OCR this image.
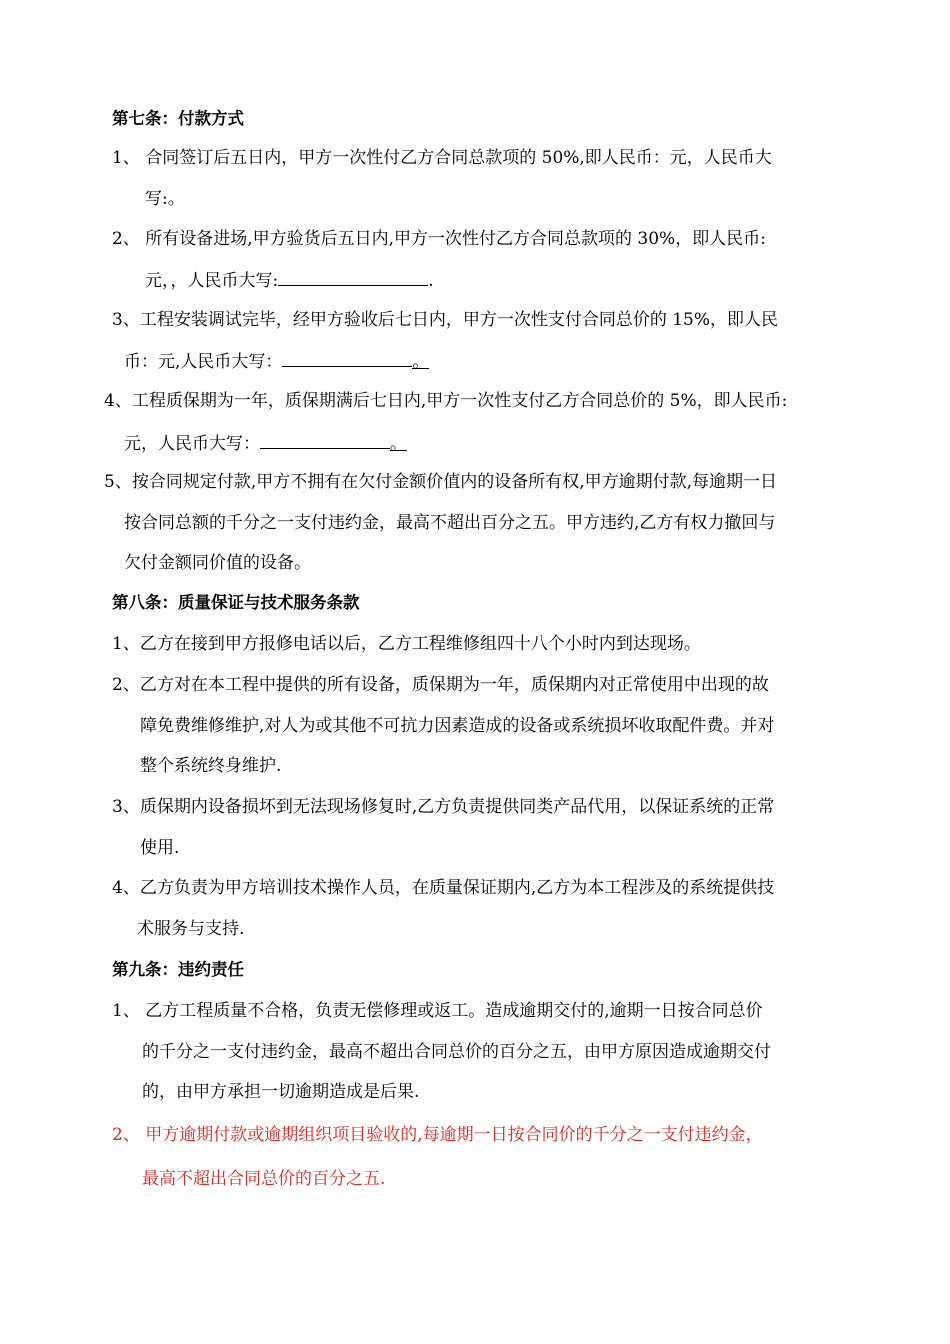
第七条：付款方式
1、 合同签订后五日内，甲方一次性付乙方合同总款项的 50%,即人民币：元，人民币大
写:。
2、 所有设备进场,甲方验货后五日内,甲方一次性付乙方合同总款项的 30%，即人民币:
元，，人民币大写:	.
3、工程安装调试完毕，经甲方验收后七日内，甲方一次性支付合同总价的 15%，即人民
币：元,人民币大写：	。
4、工程质保期为一年，质保期满后七日内,甲方一次性支付乙方合同总价的 5%，即人民币:
元，人民币大写：	。
5、按合同规定付款,甲方不拥有在欠付金额价值内的设备所有权,甲方逾期付款,每逾期一日
按合同总额的千分之一支付违约金，最高不超出百分之五。甲方违约,乙方有权力撤回与
欠付金额同价值的设备。
第八条：质量保证与技术服务条款
1、乙方在接到甲方报修电话以后，乙方工程维修组四十八个小时内到达现场。
2、乙方对在本工程中提供的所有设备，质保期为一年，质保期内对正常使用中出现的故
障免费维修维护,对人为或其他不可抗力因素造成的设备或系统损坏收取配件费。并对
整个系统终身维护.
3、质保期内设备损坏到无法现场修复时,乙方负责提供同类产品代用，以保证系统的正常
使用.
4、乙方负责为甲方培训技术操作人员，在质量保证期内,乙方为本工程涉及的系统提供技
术服务与支持.
第九条：违约责任
1、 乙方工程质量不合格，负责无偿修理或返工。造成逾期交付的,逾期一日按合同总价
的千分之一支付违约金，最高不超出合同总价的百分之五，由甲方原因造成逾期交付
的，由甲方承担一切逾期造成是后果.
2、 甲方逾期付款或逾期组织项目验收的,每逾期一日按合同价的千分之一支付违约金，
最高不超出合同总价的百分之五.
